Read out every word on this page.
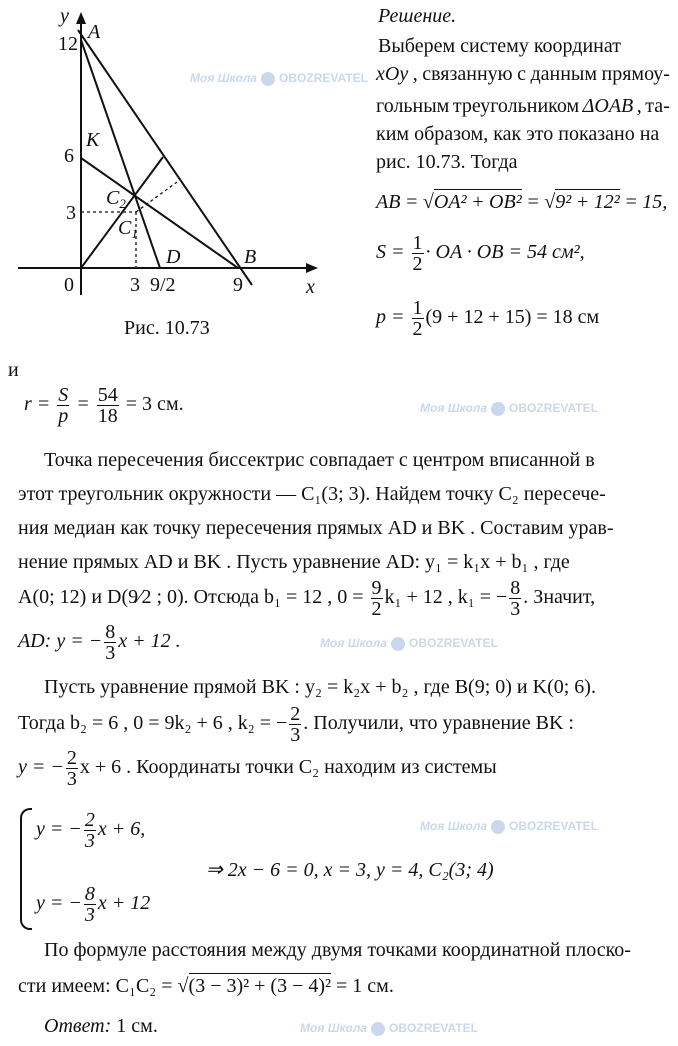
Моя Школа OBOZREVATEL
Моя Школа OBOZREVATEL
Моя Школа OBOZREVATEL
Моя Школа OBOZREVATEL
Моя Школа OBOZREVATEL
y
A
12
K
6
$C_2$
3
$C_1$
D	B
0	3 9/2	9	x
Рис. 10.73
Решение.
Выберем систему координат
xOy , связанную с данным прямоу-
гольным треугольником ΔOAB , та-
ким образом, как это показано на
рис. 10.73. Тогда
AB = √OA² + OB² = √9² + 12² = 15,
$S = \frac{1}{2}$ · OA · OB = 54 см²,
$p = \frac{1}{2} (9 + 12 + 15) = 18$ см
и
$r = \frac{S}{p} = \frac{54}{18} = 3$ см.
Точка пересечения биссектрис совпадает с центром вписанной в
этот треугольник окружности — C₁(3; 3). Найдем точку C₂ пересече-
ния медиан как точку пересечения прямых AD и BK . Составим урав-
нение прямых AD и BK . Пусть уравнение AD: y₁ = k₁x + b₁ , где
A(0; 12) и D(9⁄2 ; 0). Отсюда b₁ = 12 , $0 = \frac{9}{2} k_1 + 12$ , k₁ = − $\frac{8}{3}$ . Значит,
AD: y = − $\frac{8}{3}$ x + 12 .
Пусть уравнение прямой BK : y₂ = k₂x + b₂ , где B(9; 0) и K(0; 6).
Тогда b₂ = 6 , 0 = 9k₂ + 6 , k₂ = − $\frac{2}{3}$ . Получили, что уравнение BK :
y = − $\frac{2}{3}$ x + 6 . Координаты точки C₂ находим из системы
y = − $\frac{2}{3}$ x + 6,
⇒ 2x − 6 = 0, x = 3, y = 4, C₂(3; 4)
y = − $\frac{8}{3}$ x + 12
По формуле расстояния между двумя точками координатной плоско-
сти имеем: C₁C₂ = √(3 − 3)² + (3 − 4)² = 1 см.
Ответ: 1 см.
